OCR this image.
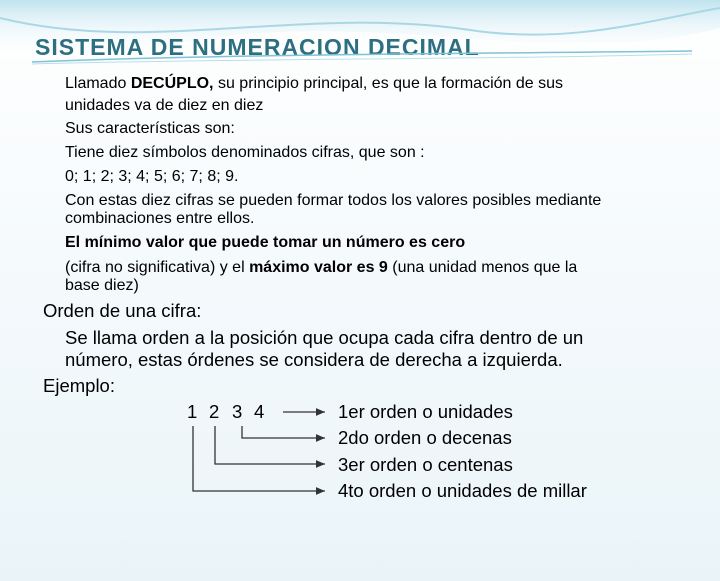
SISTEMA DE NUMERACION DECIMAL
Llamado DECÚPLO, su principio principal, es que la formación de sus
unidades va de diez en diez
Sus características son:
Tiene diez símbolos denominados cifras, que son :
0; 1; 2; 3; 4; 5; 6; 7; 8; 9.
Con estas diez cifras se pueden formar todos los valores posibles mediante
combinaciones entre ellos.
El mínimo valor que puede tomar un número es cero
(cifra no significativa) y el máximo valor es 9 (una unidad menos que la
base diez)
Orden de una cifra:
Se llama orden a la posición que ocupa cada cifra dentro de un
número, estas órdenes se considera de derecha a izquierda.
Ejemplo:
1 2 3 4	1er orden o unidades
2do orden o decenas
3er orden o centenas
4to orden o unidades de millar
